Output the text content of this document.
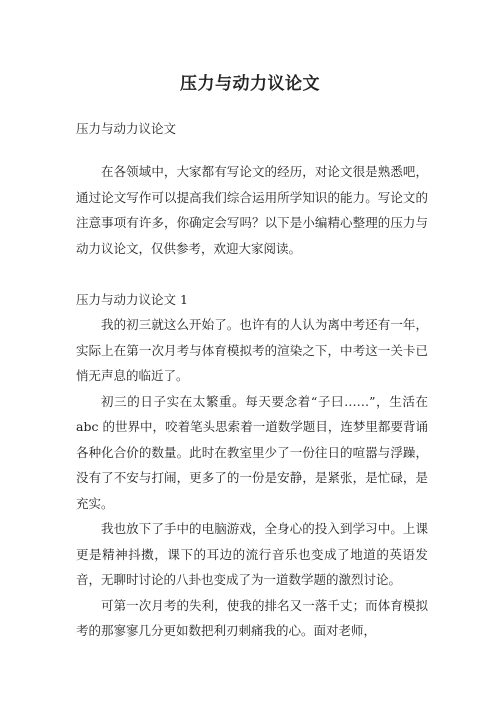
压力与动力议论文
压力与动力议论文

在各领域中，大家都有写论文的经历，对论文很是熟悉吧，通过论文写作可以提高我们综合运用所学知识的能力。写论文的注意事项有许多，你确定会写吗？以下是小编精心整理的压力与动力议论文，仅供参考，欢迎大家阅读。

压力与动力议论文 1

我的初三就这么开始了。也许有的人认为离中考还有一年，实际上在第一次月考与体育模拟考的渲染之下，中考这一关卡已悄无声息的临近了。

初三的日子实在太繁重。每天要念着“子曰……”，生活在 abc 的世界中，咬着笔头思索着一道数学题目，连梦里都要背诵各种化合价的数量。此时在教室里少了一份往日的喧嚣与浮躁，没有了不安与打闹，更多了的一份是安静，是紧张，是忙碌，是充实。

我也放下了手中的电脑游戏，全身心的投入到学习中。上课更是精神抖擞，课下的耳边的流行音乐也变成了地道的英语发音，无聊时讨论的八卦也变成了为一道数学题的激烈讨论。

可第一次月考的失利，使我的排名又一落千丈；而体育模拟考的那寥寥几分更如数把利刃刺痛我的心。面对老师，
